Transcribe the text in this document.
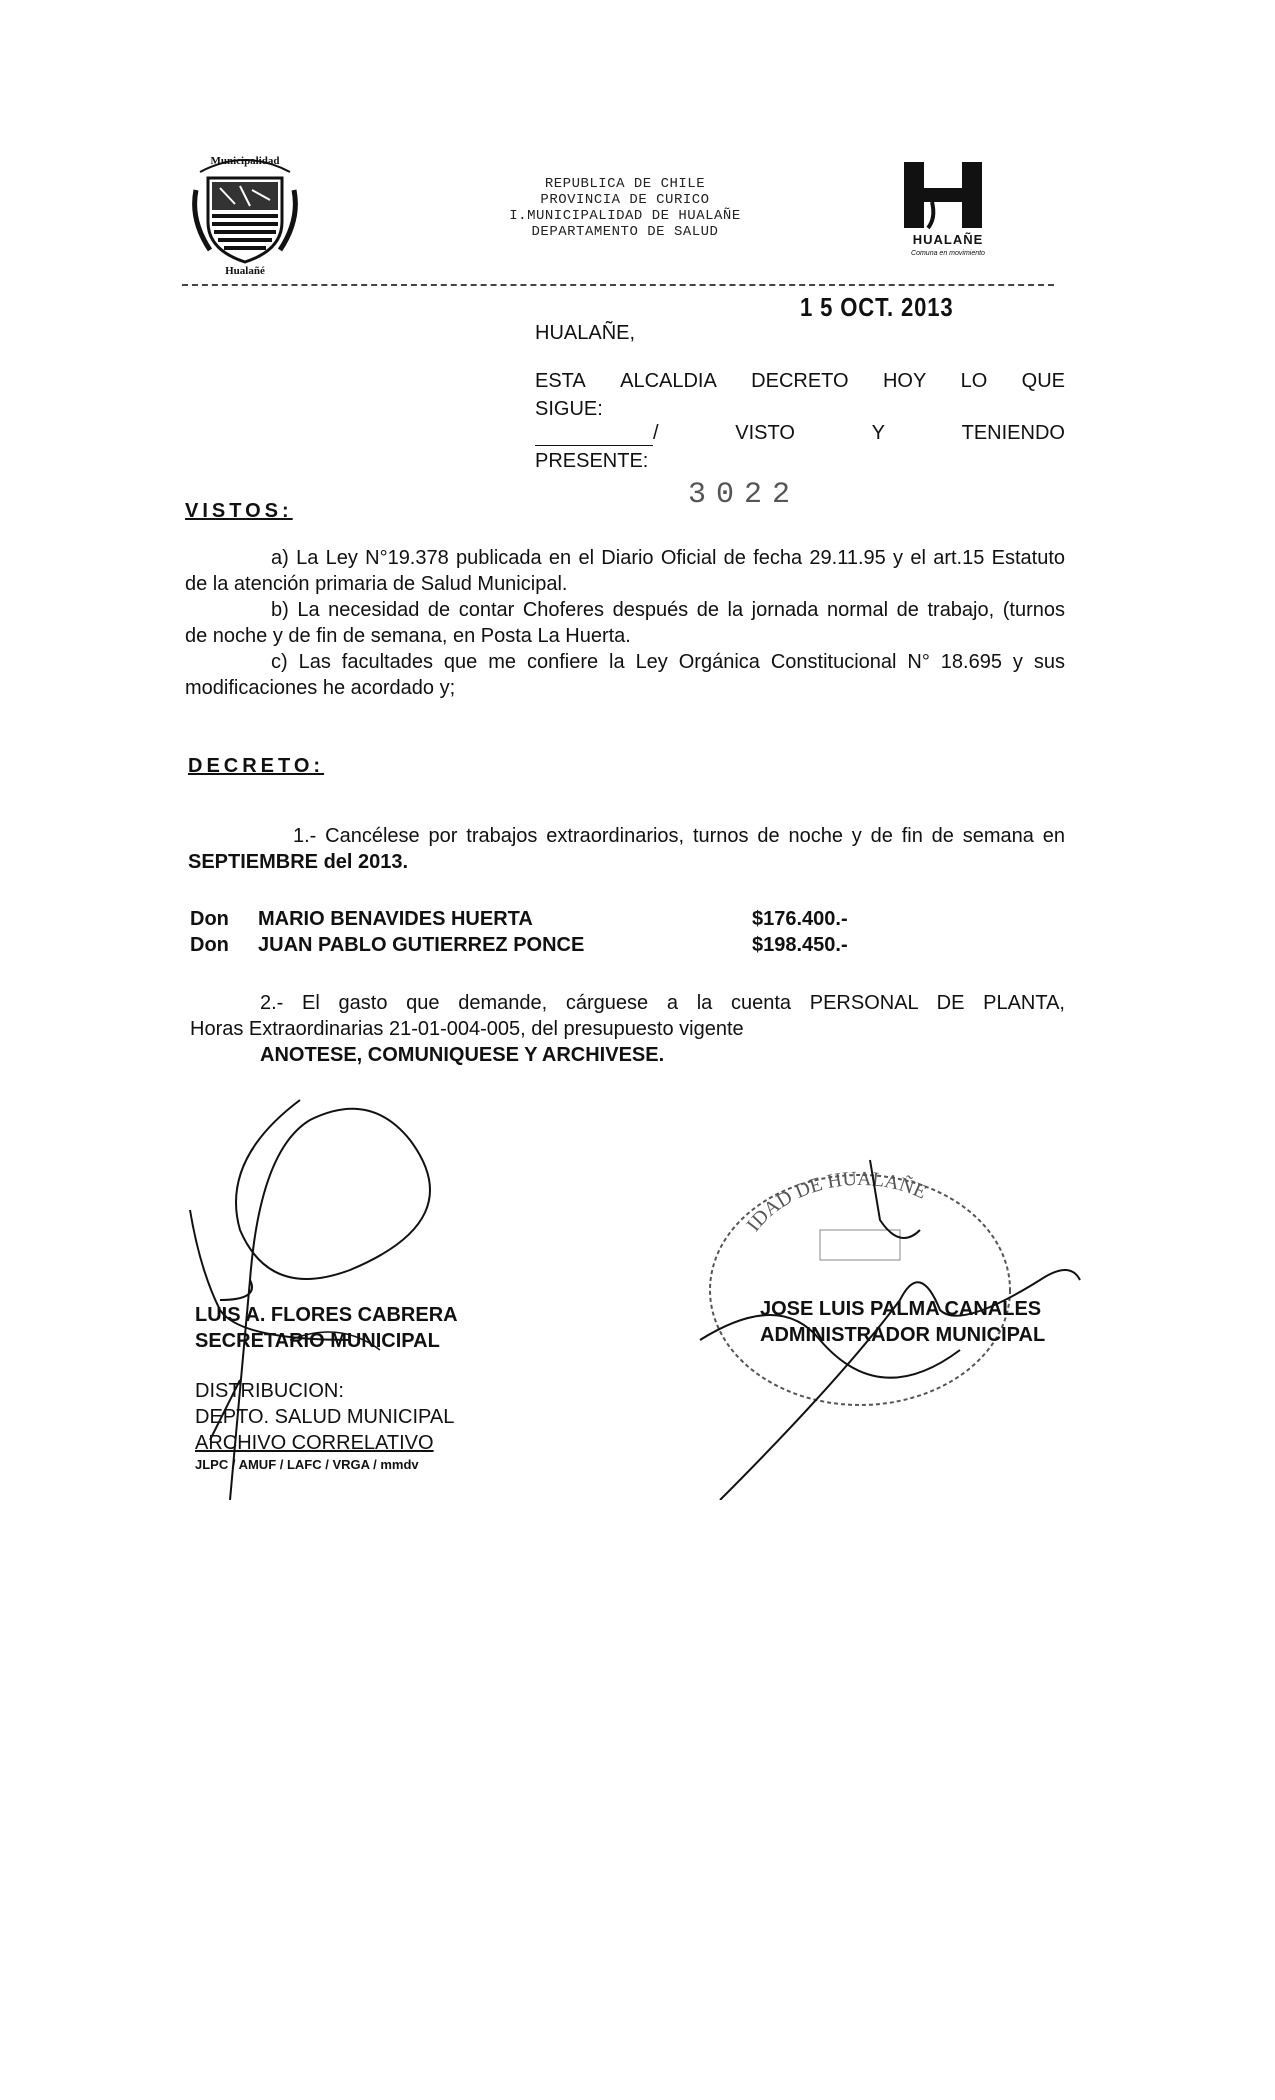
Municipalidad
Hualañé
REPUBLICA DE CHILE
PROVINCIA DE CURICO
I.MUNICIPALIDAD DE HUALAÑE
DEPARTAMENTO DE SALUD	HUALAÑE
Comuna en movimiento
1 5 OCT. 2013
HUALAÑE,
ESTA ALCALDIA DECRETO HOY LO QUE
SIGUE:
/	VISTO	Y	TENIENDO
PRESENTE:
3022
VISTOS:
a) La Ley N°19.378 publicada en el Diario Oficial de fecha 29.11.95 y el art.15 Estatuto
de la atención primaria de Salud Municipal.
b) La necesidad de contar Choferes después de la jornada normal de trabajo, (turnos
de noche y de fin de semana, en Posta La Huerta.
c) Las facultades que me confiere la Ley Orgánica Constitucional N° 18.695 y sus
modificaciones he acordado y;
DECRETO:
1.- Cancélese por trabajos extraordinarios, turnos de noche y de fin de semana en
SEPTIEMBRE del 2013.
Don MARIO BENAVIDES HUERTA	$176.400.-
Don JUAN PABLO GUTIERREZ PONCE	$198.450.-
2.- El gasto que demande, cárguese a la cuenta PERSONAL DE PLANTA,
Horas Extraordinarias 21-01-004-005, del presupuesto vigente
ANOTESE, COMUNIQUESE Y ARCHIVESE.
IDAD DE HUALAÑE
LUIS A. FLORES CABRERA
SECRETARIO MUNICIPAL
JOSE LUIS PALMA CANALES
ADMINISTRADOR MUNICIPAL
DISTRIBUCION:
DEPTO. SALUD MUNICIPAL
ARCHIVO CORRELATIVO
JLPC / AMUF / LAFC / VRGA / mmdv
